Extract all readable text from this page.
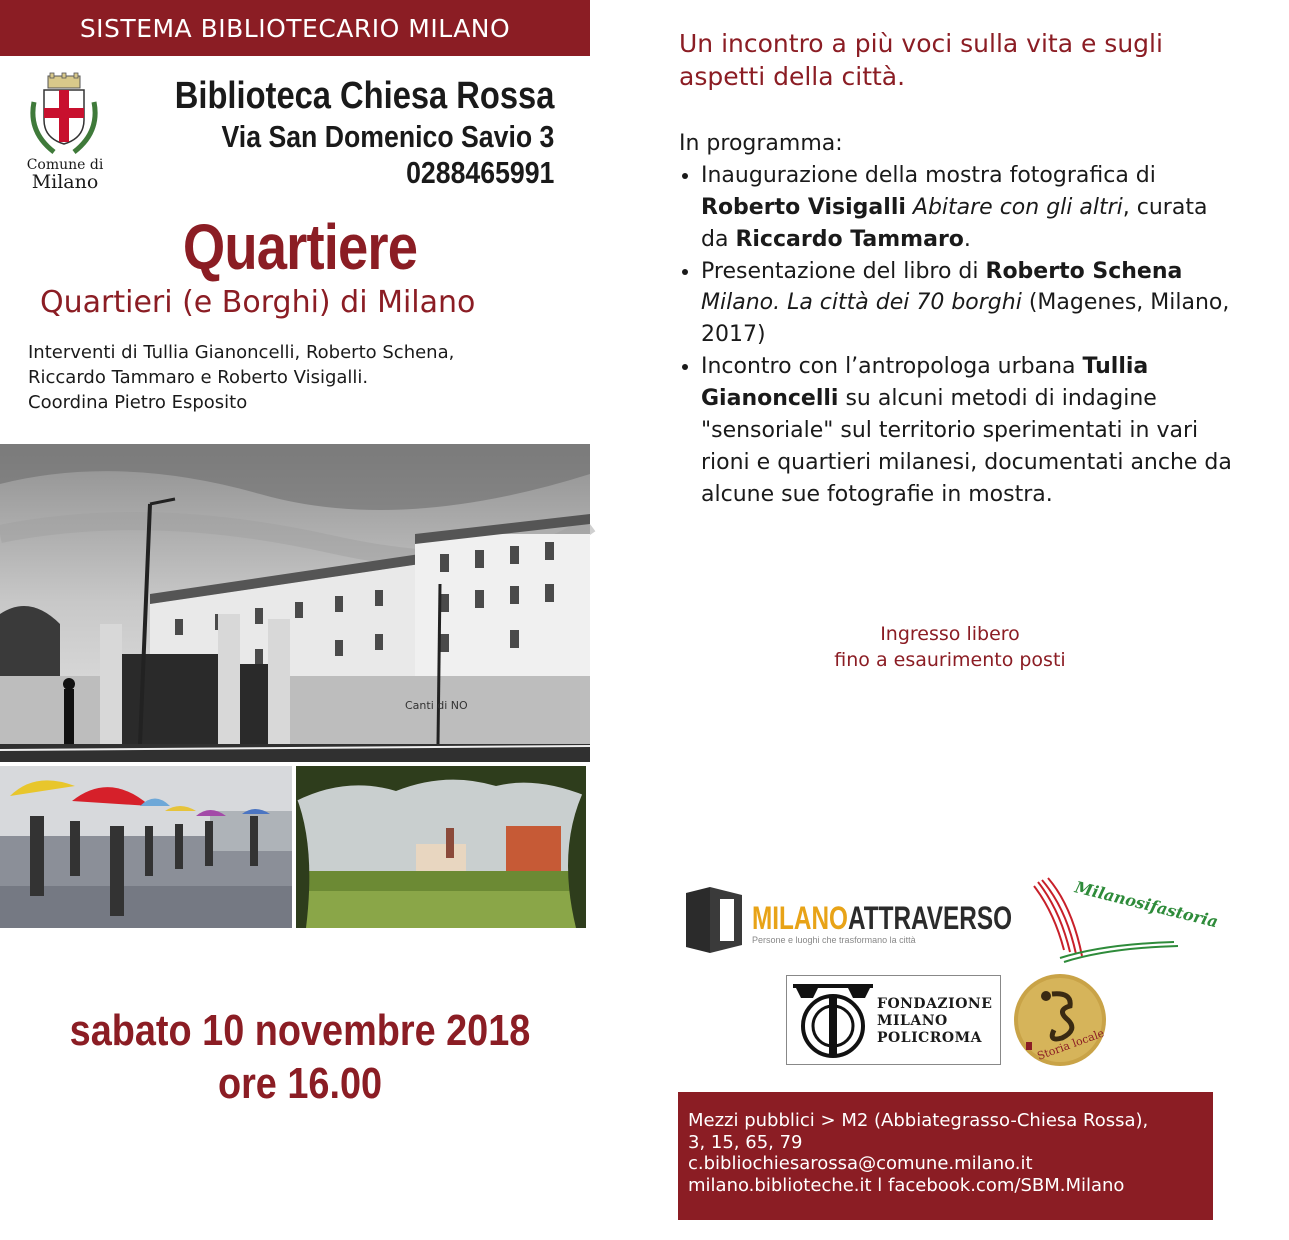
SISTEMA BIBLIOTECARIO MILANO
Comune di
Milano
Biblioteca Chiesa Rossa
Via San Domenico Savio 3
0288465991
Quartiere
Quartieri (e Borghi) di Milano
Interventi di Tullia Gianoncelli, Roberto Schena,
Riccardo Tammaro e Roberto Visigalli.
Coordina Pietro Esposito
Canti di NO
sabato 10 novembre 2018
ore 16.00
Un incontro a più voci sulla vita e sugli aspetti della città.
In programma:
• Inaugurazione della mostra fotografica di Roberto Visigalli Abitare con gli altri, curata da Riccardo Tammaro.
• Presentazione del libro di Roberto Schena Milano. La città dei 70 borghi (Magenes, Milano, 2017)
• Incontro con l’antropologa urbana Tullia Gianoncelli su alcuni metodi di indagine "sensoriale" sul territorio sperimentati in vari rioni e quartieri milanesi, documentati anche da alcune sue fotografie in mostra.
Ingresso libero
fino a esaurimento posti
MILANOATTRAVERSO
Persone e luoghi che trasformano la città
Milanosifastoria
FONDAZIONE
MILANO
POLICROMA	Storia locale
Mezzi pubblici > M2 (Abbiategrasso-Chiesa Rossa),
3, 15, 65, 79
c.bibliochiesarossa@comune.milano.it
milano.biblioteche.it l facebook.com/SBM.Milano
